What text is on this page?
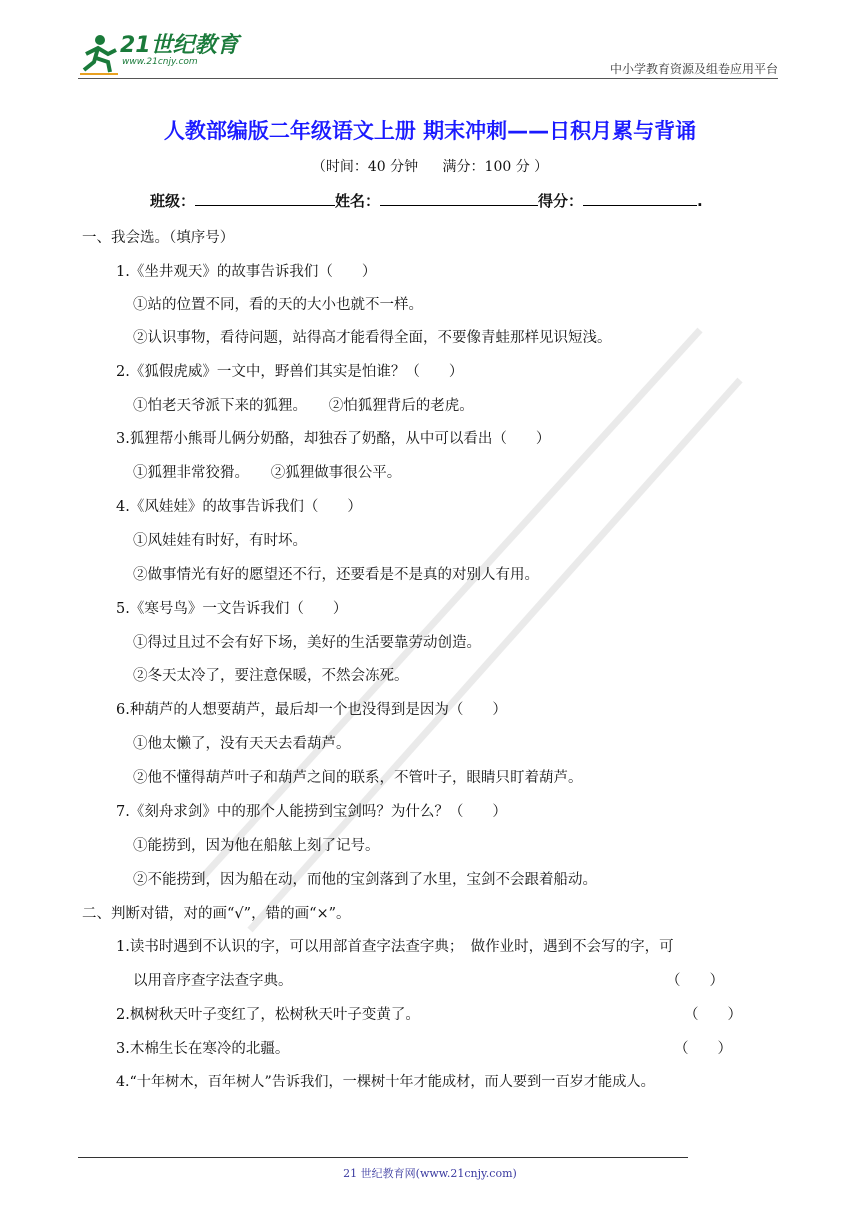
21世纪教育
www.21cnjy.com	中小学教育资源及组卷应用平台
人教部编版二年级语文上册 期末冲刺——日积月累与背诵
（时间：40 分钟 满分：100 分 ）
班级：	姓名：	得分：	.
一、我会选。（填序号）
1.《坐井观天》的故事告诉我们（　　）
①站的位置不同，看的天的大小也就不一样。
②认识事物，看待问题，站得高才能看得全面，不要像青蛙那样见识短浅。
2.《狐假虎威》一文中，野兽们其实是怕谁？（　　）
①怕老天爷派下来的狐狸。　　②怕狐狸背后的老虎。
3.狐狸帮小熊哥儿俩分奶酪，却独吞了奶酪，从中可以看出（　　）
①狐狸非常狡猾。　　②狐狸做事很公平。
4.《风娃娃》的故事告诉我们（　　）
①风娃娃有时好，有时坏。
②做事情光有好的愿望还不行，还要看是不是真的对别人有用。
5.《寒号鸟》一文告诉我们（　　）
①得过且过不会有好下场，美好的生活要靠劳动创造。
②冬天太冷了，要注意保暖，不然会冻死。
6.种葫芦的人想要葫芦，最后却一个也没得到是因为（　　）
①他太懒了，没有天天去看葫芦。
②他不懂得葫芦叶子和葫芦之间的联系，不管叶子，眼睛只盯着葫芦。
7.《刻舟求剑》中的那个人能捞到宝剑吗？为什么？（　　）
①能捞到，因为他在船舷上刻了记号。
②不能捞到，因为船在动，而他的宝剑落到了水里，宝剑不会跟着船动。
二、判断对错，对的画“√”，错的画“×”。
1.读书时遇到不认识的字，可以用部首查字法查字典；　做作业时，遇到不会写的字，可
以用音序查字法查字典。	（　　）
2.枫树秋天叶子变红了，松树秋天叶子变黄了。	（　　）
3.木棉生长在寒冷的北疆。	（　　）
4.“十年树木，百年树人”告诉我们，一棵树十年才能成材，而人要到一百岁才能成人。
21 世纪教育网(www.21cnjy.com)
